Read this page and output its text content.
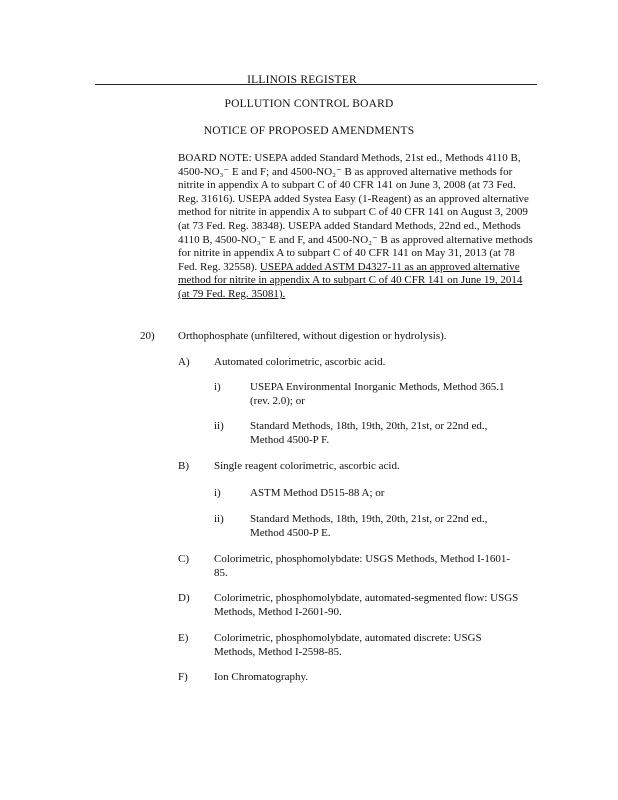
ILLINOIS REGISTER
POLLUTION CONTROL BOARD
NOTICE OF PROPOSED AMENDMENTS
BOARD NOTE: USEPA added Standard Methods, 21st ed., Methods 4110 B, 4500-NO₃⁻ E and F; and 4500-NO₂⁻ B as approved alternative methods for nitrite in appendix A to subpart C of 40 CFR 141 on June 3, 2008 (at 73 Fed. Reg. 31616). USEPA added Systea Easy (1-Reagent) as an approved alternative method for nitrite in appendix A to subpart C of 40 CFR 141 on August 3, 2009 (at 73 Fed. Reg. 38348). USEPA added Standard Methods, 22nd ed., Methods 4110 B, 4500-NO₃⁻ E and F, and 4500-NO₂⁻ B as approved alternative methods for nitrite in appendix A to subpart C of 40 CFR 141 on May 31, 2013 (at 78 Fed. Reg. 32558). USEPA added ASTM D4327-11 as an approved alternative method for nitrite in appendix A to subpart C of 40 CFR 141 on June 19, 2014 (at 79 Fed. Reg. 35081).
20) Orthophosphate (unfiltered, without digestion or hydrolysis).
A) Automated colorimetric, ascorbic acid.
i)	USEPA Environmental Inorganic Methods, Method 365.1 (rev. 2.0); or
ii) Standard Methods, 18th, 19th, 20th, 21st, or 22nd ed., Method 4500-P F.
B) Single reagent colorimetric, ascorbic acid.
i)	ASTM Method D515-88 A; or
ii) Standard Methods, 18th, 19th, 20th, 21st, or 22nd ed., Method 4500-P E.
C) Colorimetric, phosphomolybdate: USGS Methods, Method I-1601-85.
D) Colorimetric, phosphomolybdate, automated-segmented flow: USGS Methods, Method I-2601-90.
E) Colorimetric, phosphomolybdate, automated discrete: USGS Methods, Method I-2598-85.
F) Ion Chromatography.
